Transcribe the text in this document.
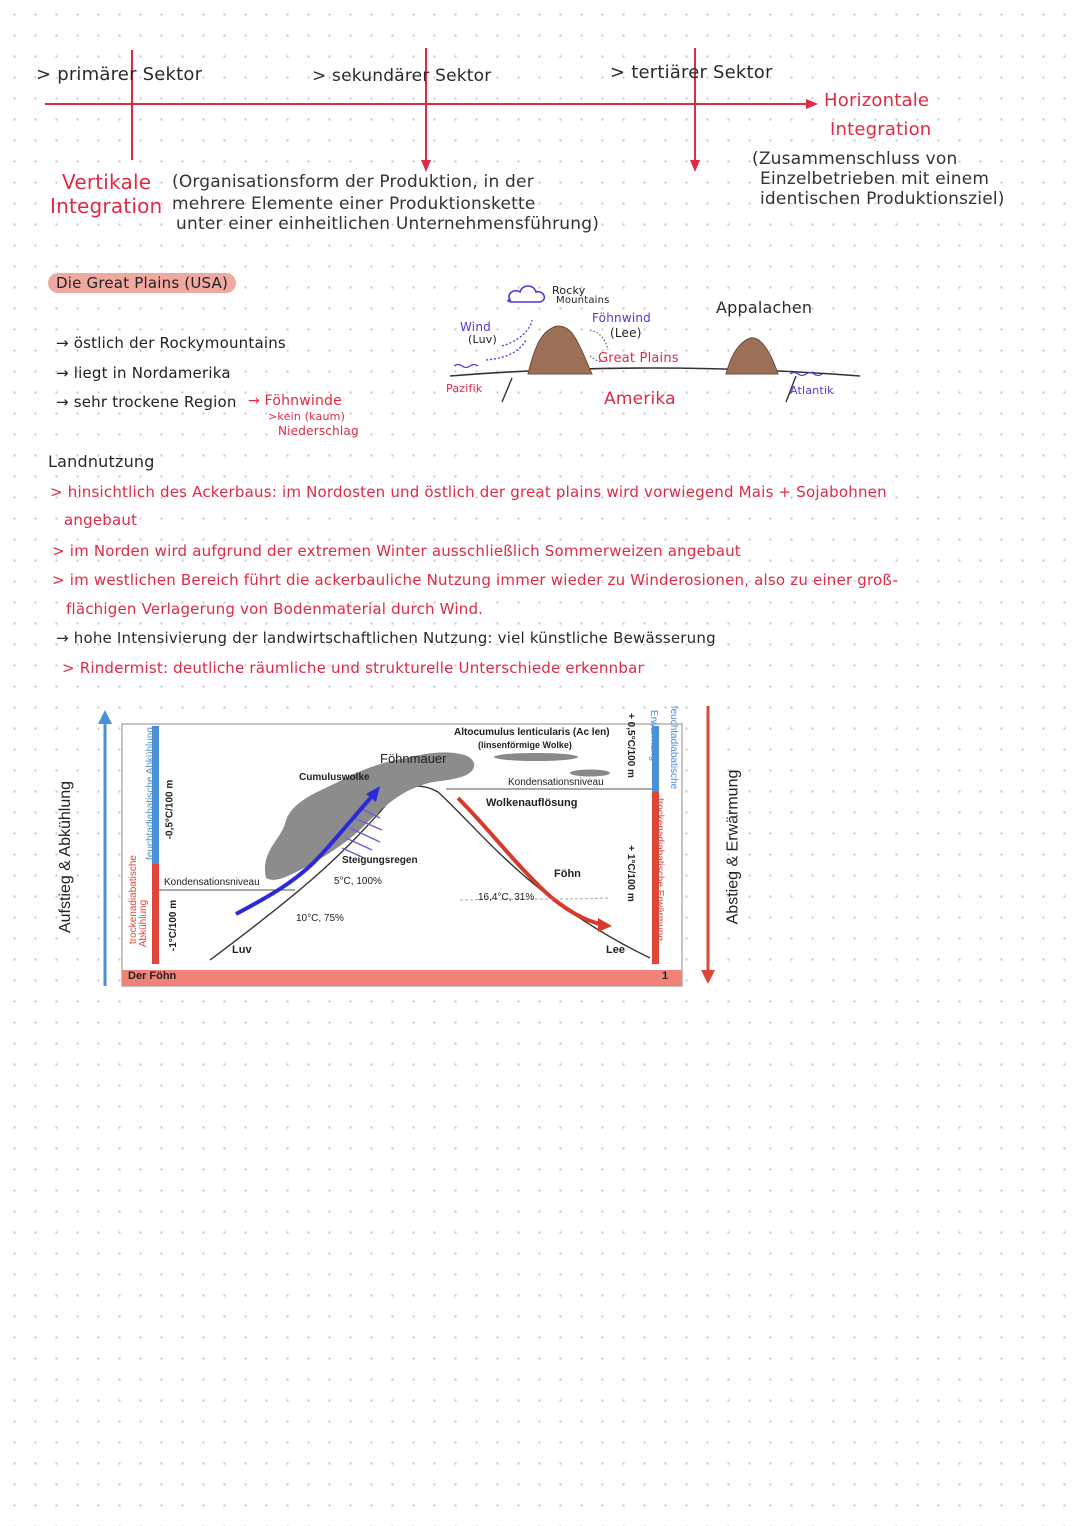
> primärer Sektor	> sekundärer Sektor	> tertiärer Sektor
Horizontale
Integration
(Zusammenschluss von
Einzelbetrieben mit einem
identischen Produktionsziel)
Vertikale
Integration
(Organisationsform der Produktion, in der
mehrere Elemente einer Produktionskette
unter einer einheitlichen Unternehmensführung)
Die Great Plains (USA)
→ östlich der Rockymountains
→ liegt in Nordamerika
→ sehr trockene Region → Föhnwinde
>kein (kaum)
Niederschlag
Rocky
Mountains
Wind
(Luv)
Föhnwind
(Lee)
Great Plains
Appalachen
Pazifik
Amerika	Atlantik
Landnutzung
> hinsichtlich des Ackerbaus: im Nordosten und östlich der great plains wird vorwiegend Mais + Sojabohnen
angebaut
> im Norden wird aufgrund der extremen Winter ausschließlich Sommerweizen angebaut
> im westlichen Bereich führt die ackerbauliche Nutzung immer wieder zu Winderosionen, also zu einer groß-
flächigen Verlagerung von Bodenmaterial durch Wind.
→ hohe Intensivierung der landwirtschaftlichen Nutzung: viel künstliche Bewässerung
> Rindermist: deutliche räumliche und strukturelle Unterschiede erkennbar
Aufstieg & Abkühlung	Abstieg & Erwärmung
feuchtadiabatische Abkühlung -0,5°C/100 m
trockenadiabatische Abkühlung -1°C/100 m
feuchtadiabatische
Erwärmung
+ 0,5°C/100 m
trockenadiabatische Erwärmung
+ 1°C/100 m
Altocumulus lenticularis (Ac len)
(linsenförmige Wolke)
Föhnmauer
Cumuluswolke	Kondensationsniveau
Wolkenauflösung
Steigungsregen
5°C, 100%
Kondensationsniveau
10°C, 75%
16,4°C, 31%
Föhn
Luv	Lee
Der Föhn	1
